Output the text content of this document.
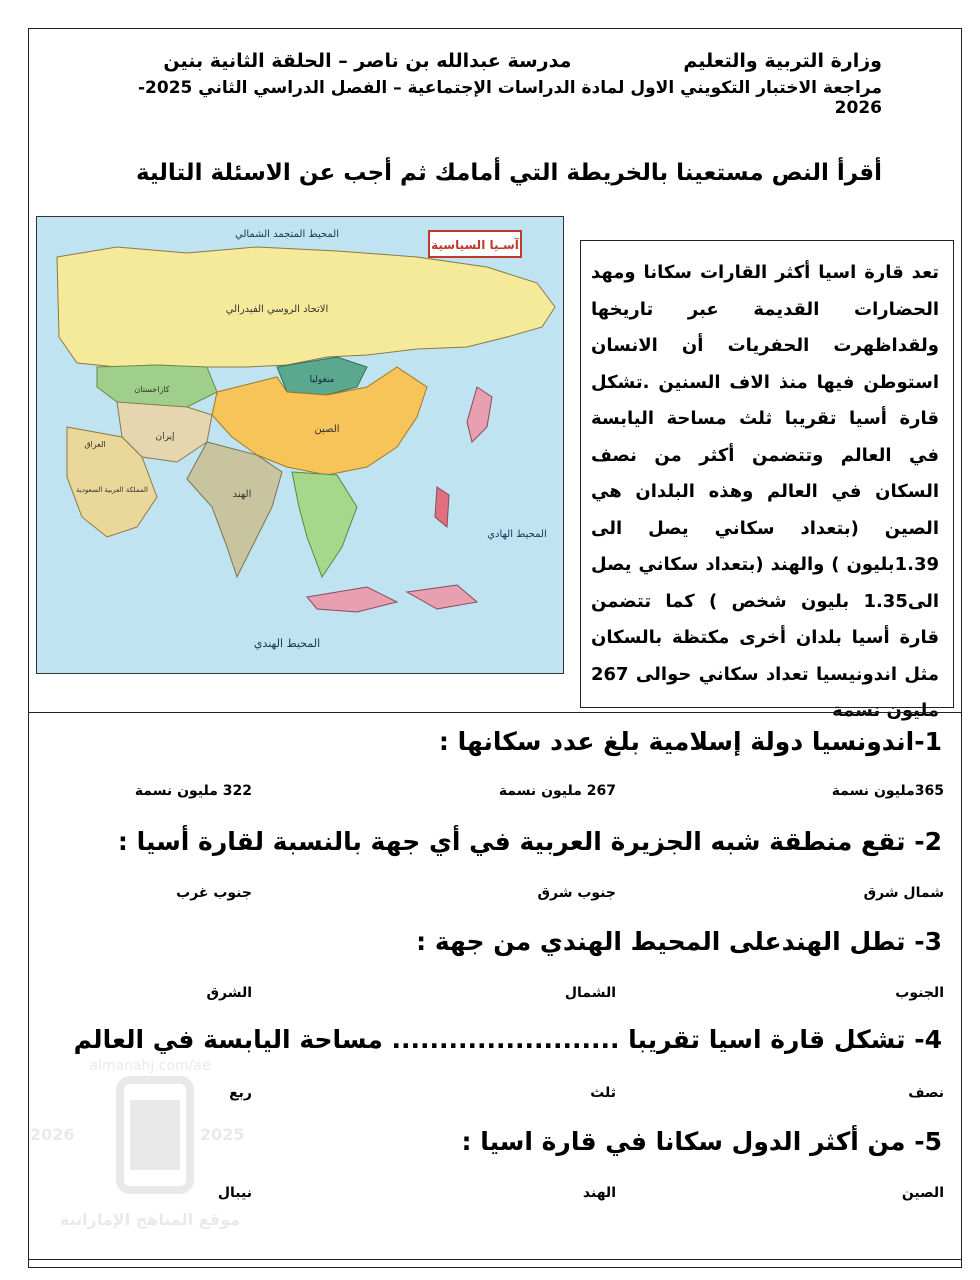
وزارة التربية والتعليم
مدرسة عبدالله بن ناصر – الحلقة الثانية بنين
مراجعة الاختبار التكويني الاول لمادة الدراسات الإجتماعية – الفصل الدراسي الثاني 2025-2026
أقرأ النص مستعينا بالخريطة التي أمامك ثم أجب عن الاسئلة التالية
آسـيا السياسية
المحيط المتجمد الشمالي
الاتحاد الروسي الفيدرالي
منغوليا
الصين
كازاخستان
الهند
إيران
العراق
المملكة العربية السعودية
المحيط الهندي
المحيط الهادي
تعد قارة اسيا أكثر القارات سكانا ومهد الحضارات القديمة عبر تاريخها ولقداظهرت الحفريات أن الانسان استوطن فيها منذ الاف السنين .تشكل قارة أسيا تقريبا ثلث مساحة اليابسة في العالم وتتضمن أكثر من نصف السكان في العالم وهذه البلدان هي الصين (بتعداد سكاني يصل الى 1.39بليون ) والهند (بتعداد سكاني يصل الى1.35 بليون شخص ) كما تتضمن قارة أسيا بلدان أخرى مكتظة بالسكان مثل اندونيسيا تعداد سكاني حوالى 267 مليون نسمة
1-اندونسيا دولة إسلامية بلغ عدد سكانها :
365مليون نسمة
267 مليون نسمة
322 مليون نسمة
2- تقع منطقة شبه الجزيرة العربية في أي جهة بالنسبة لقارة أسيا :
شمال شرق
جنوب شرق
جنوب غرب
3- تطل الهندعلى المحيط الهندي من جهة :
الجنوب
الشمال
الشرق
4- تشكل قارة اسيا تقريبا ........................ مساحة اليابسة في العالم
نصف
ثلث
ربع
5- من أكثر الدول سكانا في قارة اسيا :
الصين
الهند
نيبال
2026	2025
almanahj.com/ae
موقع المناهج الإماراتية
